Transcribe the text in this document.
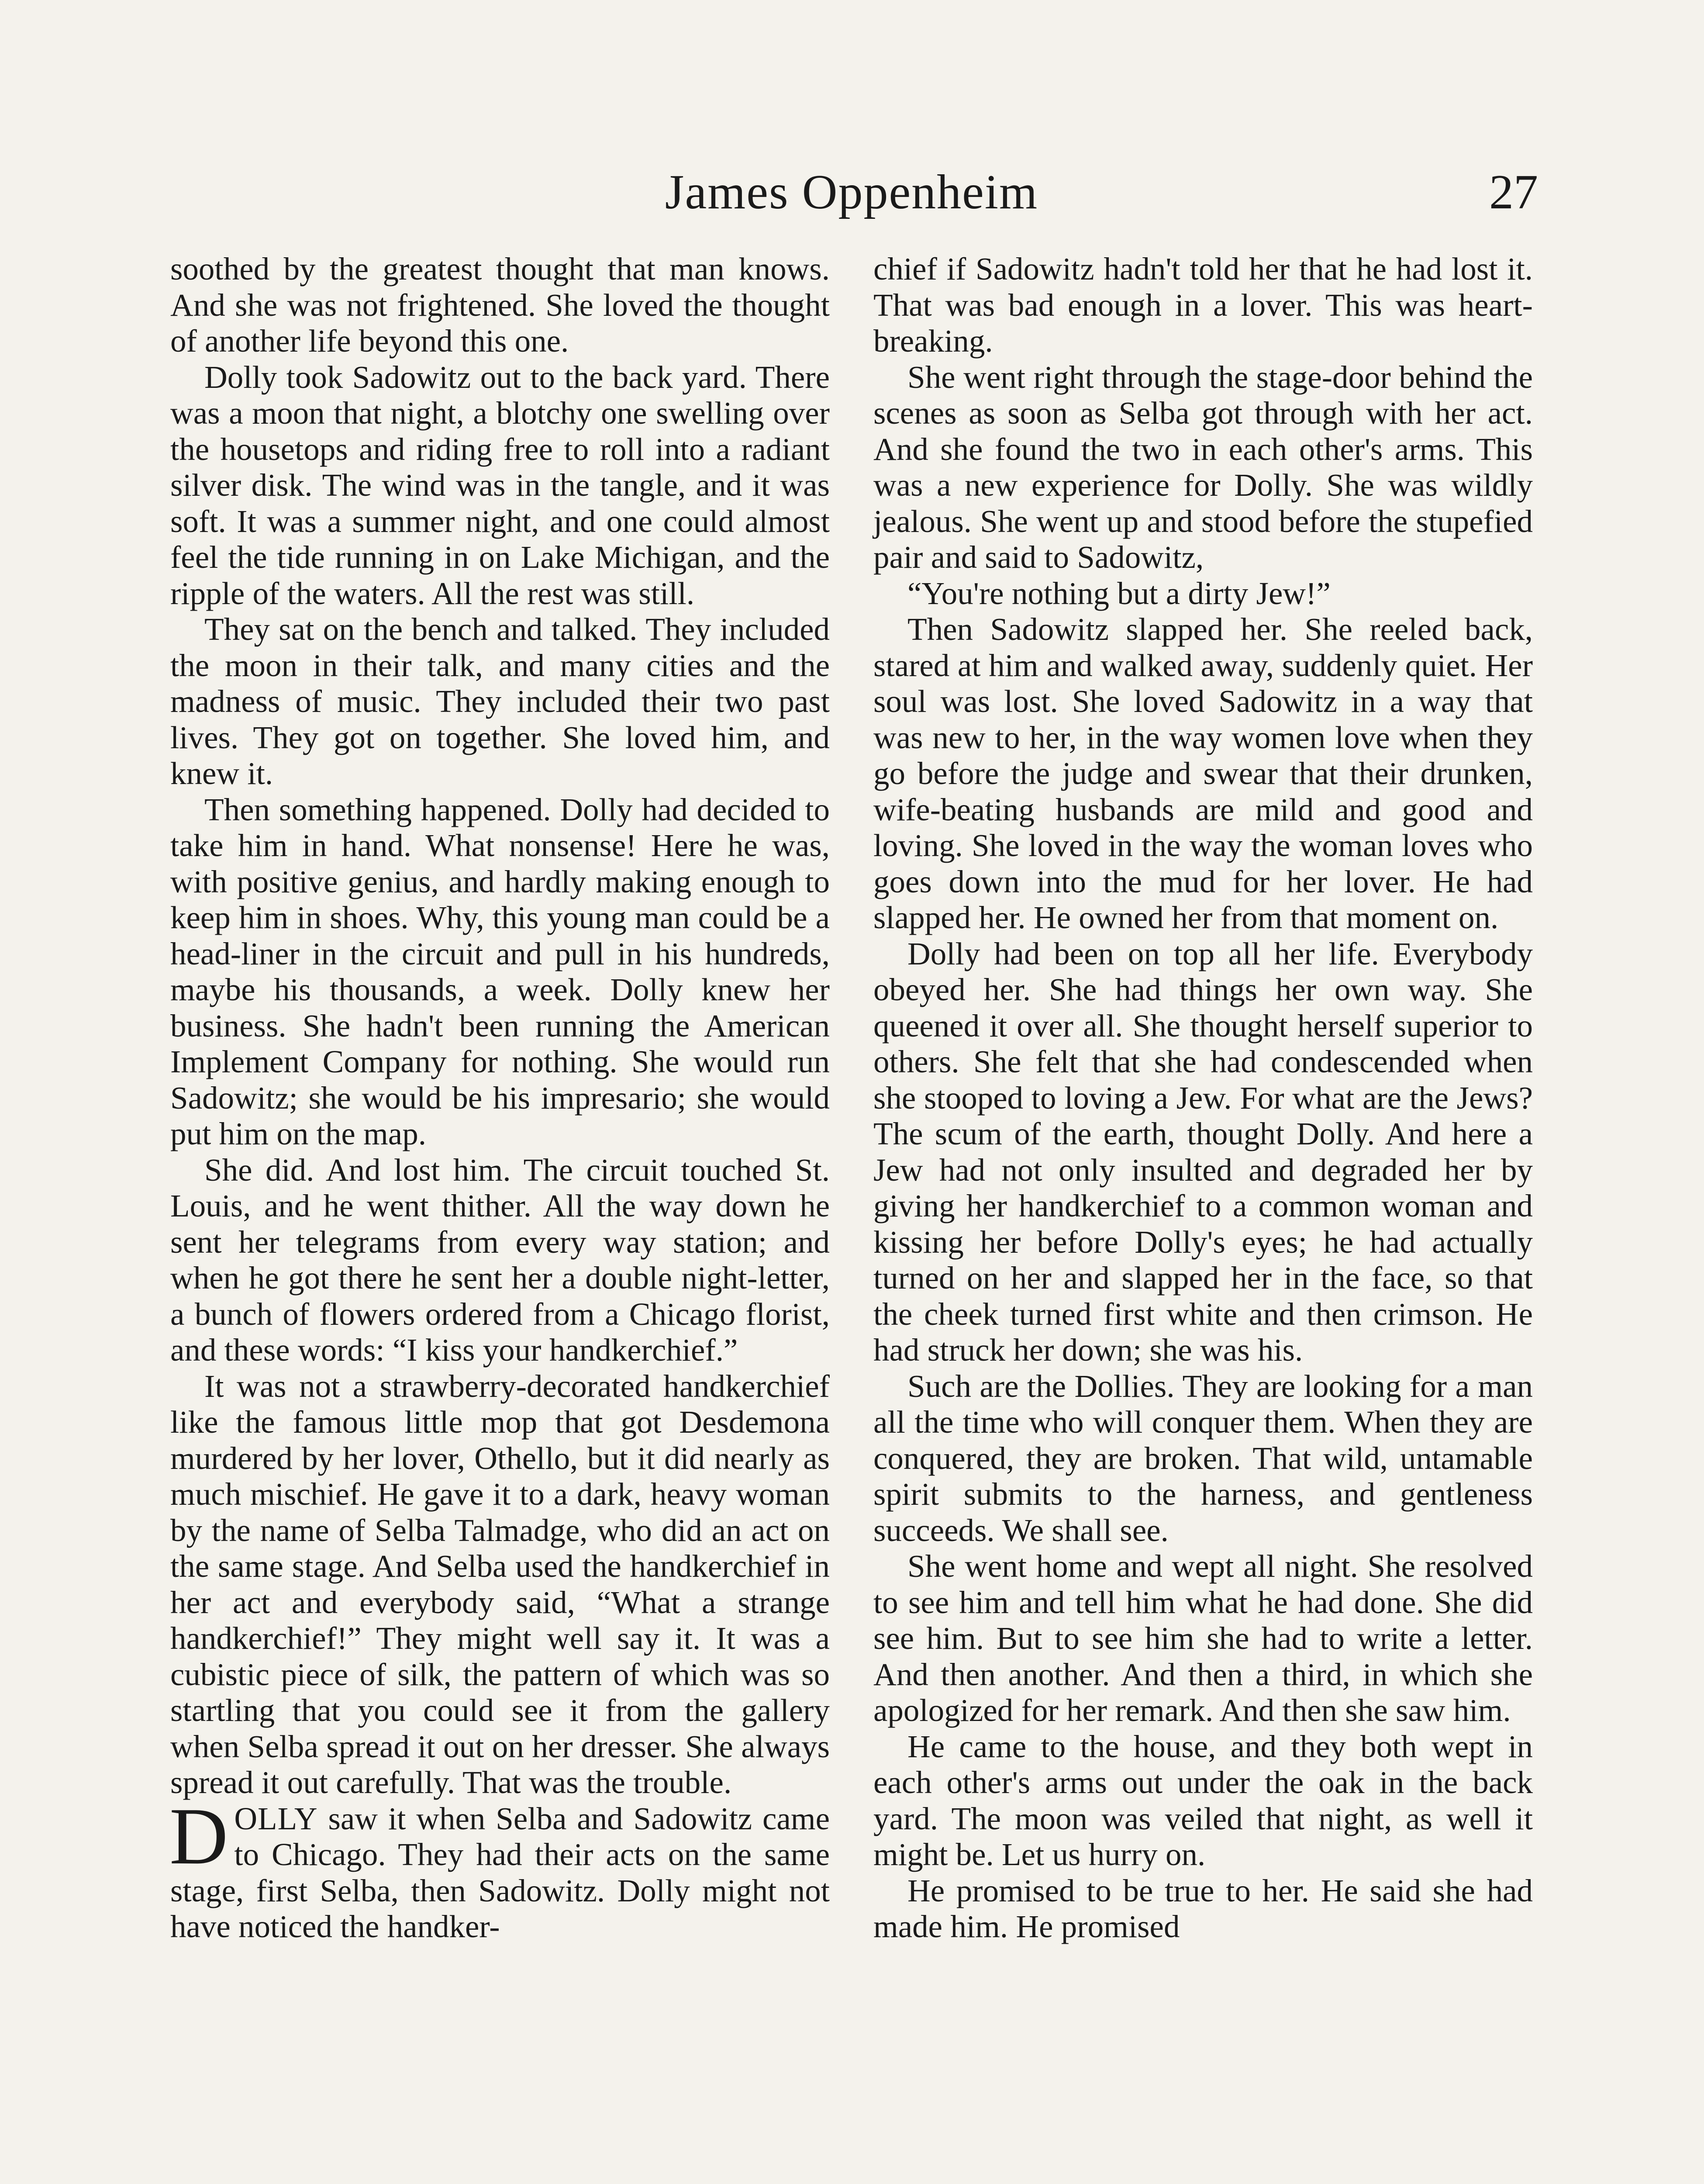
James Oppenheim	27

soothed by the greatest thought that man knows. And she was not frightened. She loved the thought of another life beyond this one.

Dolly took Sadowitz out to the back yard. There was a moon that night, a blotchy one swelling over the housetops and riding free to roll into a radiant silver disk. The wind was in the tangle, and it was soft. It was a summer night, and one could almost feel the tide running in on Lake Michigan, and the ripple of the waters. All the rest was still.

They sat on the bench and talked. They included the moon in their talk, and many cities and the madness of music. They included their two past lives. They got on together. She loved him, and knew it.

Then something happened. Dolly had decided to take him in hand. What nonsense! Here he was, with positive genius, and hardly making enough to keep him in shoes. Why, this young man could be a head-liner in the circuit and pull in his hundreds, maybe his thousands, a week. Dolly knew her business. She hadn't been running the American Implement Company for nothing. She would run Sadowitz; she would be his impresario; she would put him on the map.

She did. And lost him. The circuit touched St. Louis, and he went thither. All the way down he sent her telegrams from every way station; and when he got there he sent her a double night-letter, a bunch of flowers ordered from a Chicago florist, and these words: “I kiss your handkerchief.”

It was not a strawberry-decorated handkerchief like the famous little mop that got Desdemona murdered by her lover, Othello, but it did nearly as much mischief. He gave it to a dark, heavy woman by the name of Selba Talmadge, who did an act on the same stage. And Selba used the handkerchief in her act and everybody said, “What a strange handkerchief!” They might well say it. It was a cubistic piece of silk, the pattern of which was so startling that you could see it from the gallery when Selba spread it out on her dresser. She always spread it out carefully. That was the trouble.

DOLLY saw it when Selba and Sadowitz came to Chicago. They had their acts on the same stage, first Selba, then Sadowitz. Dolly might not have noticed the handker-

chief if Sadowitz hadn't told her that he had lost it. That was bad enough in a lover. This was heart-breaking.

She went right through the stage-door behind the scenes as soon as Selba got through with her act. And she found the two in each other's arms. This was a new experience for Dolly. She was wildly jealous. She went up and stood before the stupefied pair and said to Sadowitz,

“You're nothing but a dirty Jew!”

Then Sadowitz slapped her. She reeled back, stared at him and walked away, suddenly quiet. Her soul was lost. She loved Sadowitz in a way that was new to her, in the way women love when they go before the judge and swear that their drunken, wife-beating husbands are mild and good and loving. She loved in the way the woman loves who goes down into the mud for her lover. He had slapped her. He owned her from that moment on.

Dolly had been on top all her life. Everybody obeyed her. She had things her own way. She queened it over all. She thought herself superior to others. She felt that she had condescended when she stooped to loving a Jew. For what are the Jews? The scum of the earth, thought Dolly. And here a Jew had not only insulted and degraded her by giving her handkerchief to a common woman and kissing her before Dolly's eyes; he had actually turned on her and slapped her in the face, so that the cheek turned first white and then crimson. He had struck her down; she was his.

Such are the Dollies. They are looking for a man all the time who will conquer them. When they are conquered, they are broken. That wild, untamable spirit submits to the harness, and gentleness succeeds. We shall see.

She went home and wept all night. She resolved to see him and tell him what he had done. She did see him. But to see him she had to write a letter. And then another. And then a third, in which she apologized for her remark. And then she saw him.

He came to the house, and they both wept in each other's arms out under the oak in the back yard. The moon was veiled that night, as well it might be. Let us hurry on.

He promised to be true to her. He said she had made him. He promised
